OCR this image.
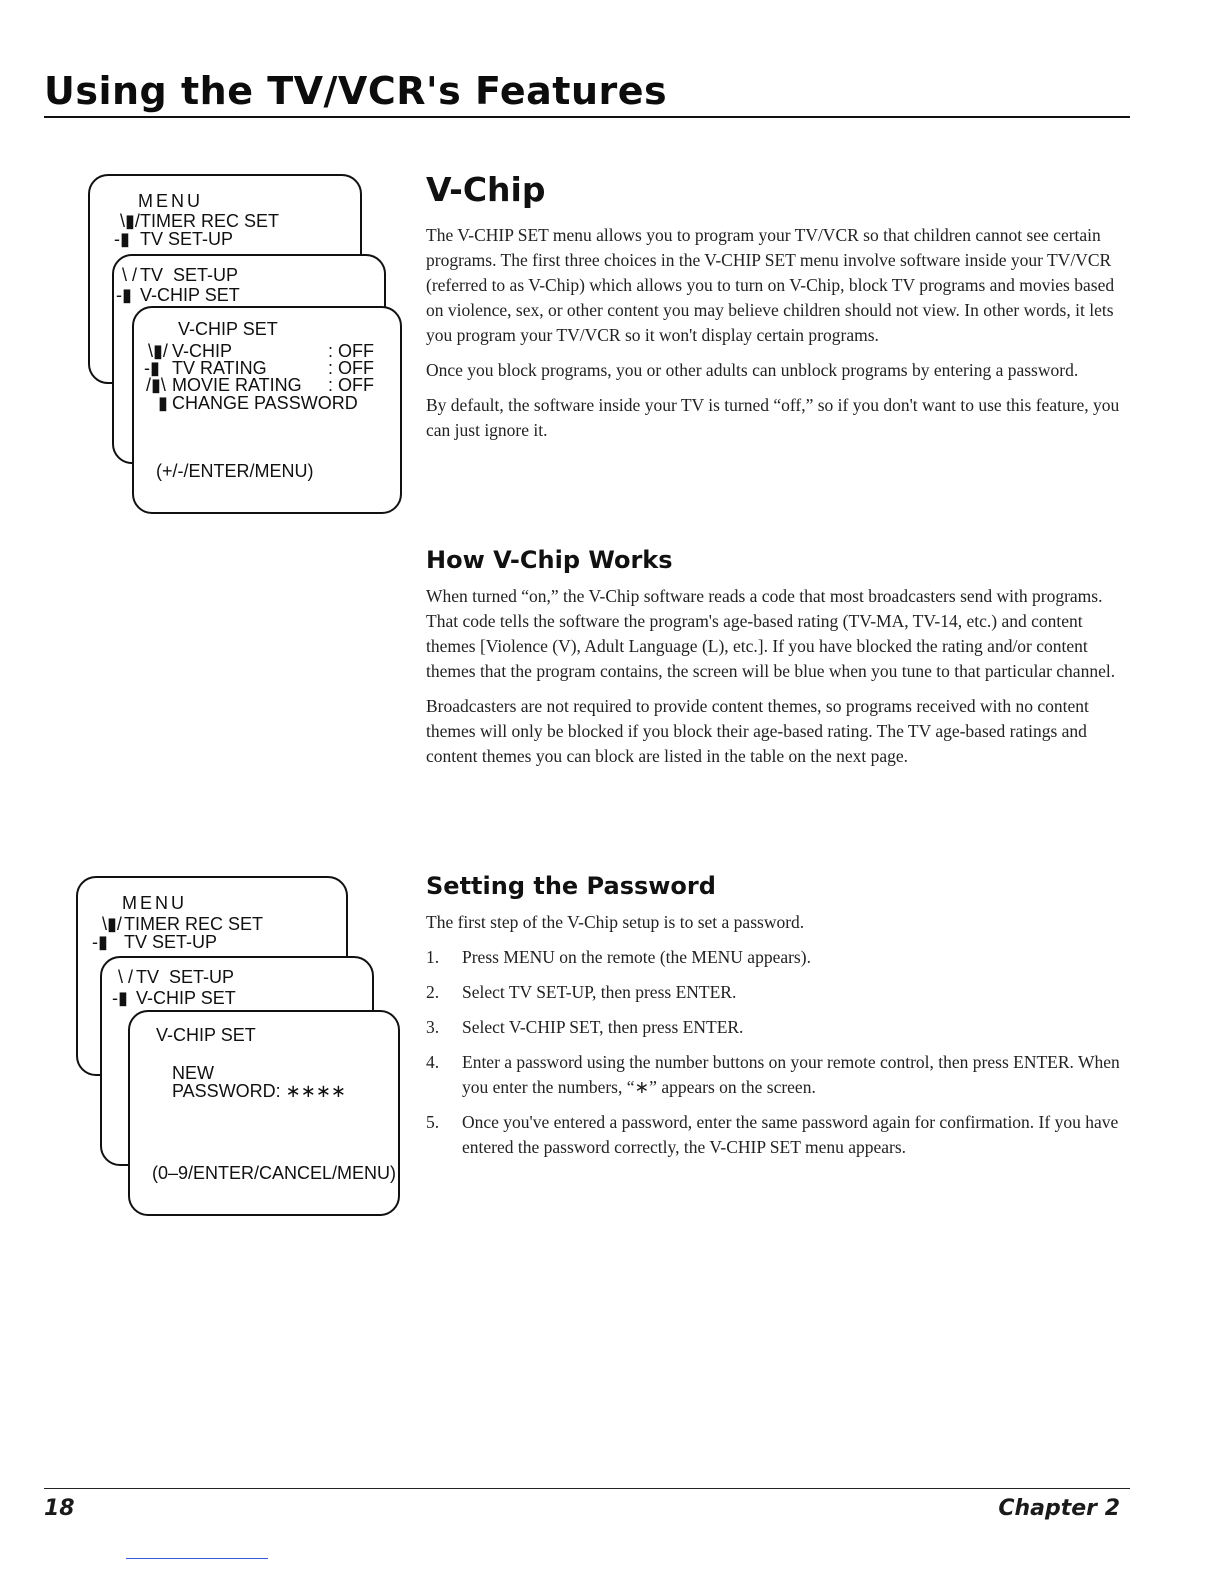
Using the TV/VCR's Features
MENU
\▮/ TIMER REC SET
-▮ TV SET-UP
\ / TV  SET-UP
-▮ V-CHIP SET
V-CHIP SET
\▮/ V-CHIP	: OFF
-▮ TV RATING	: OFF
/▮\ MOVIE RATING : OFF
▮ CHANGE PASSWORD
(+/-/ENTER/MENU)
MENU
\▮/ TIMER REC SET
-▮ TV SET-UP
\ / TV  SET-UP
-▮ V-CHIP SET
V-CHIP SET
NEW
PASSWORD: ∗∗∗∗
(0–9/ENTER/CANCEL/MENU)
V-Chip

The V-CHIP SET menu allows you to program your TV/VCR so that children cannot see certain programs. The first three choices in the V-CHIP SET menu involve software inside your TV/VCR (referred to as V-Chip) which allows you to turn on V-Chip, block TV programs and movies based on violence, sex, or other content you may believe children should not view. In other words, it lets you program your TV/VCR so it won't display certain programs.

Once you block programs, you or other adults can unblock programs by entering a password.

By default, the software inside your TV is turned “off,” so if you don't want to use this feature, you can just ignore it.

How V-Chip Works

When turned “on,” the V-Chip software reads a code that most broadcasters send with programs. That code tells the software the program's age-based rating (TV-MA, TV-14, etc.) and content themes [Violence (V), Adult Language (L), etc.]. If you have blocked the rating and/or content themes that the program contains, the screen will be blue when you tune to that particular channel.

Broadcasters are not required to provide content themes, so programs received with no content themes will only be blocked if you block their age-based rating. The TV age-based ratings and content themes you can block are listed in the table on the next page.

Setting the Password

The first step of the V-Chip setup is to set a password.

1. Press MENU on the remote (the MENU appears).
2. Select TV SET-UP, then press ENTER.
3. Select V-CHIP SET, then press ENTER.
4. Enter a password using the number buttons on your remote control, then press ENTER. When you enter the numbers, “∗” appears on the screen.
5. Once you've entered a password, enter the same password again for confirmation. If you have entered the password correctly, the V-CHIP SET menu appears.
18	Chapter 2
